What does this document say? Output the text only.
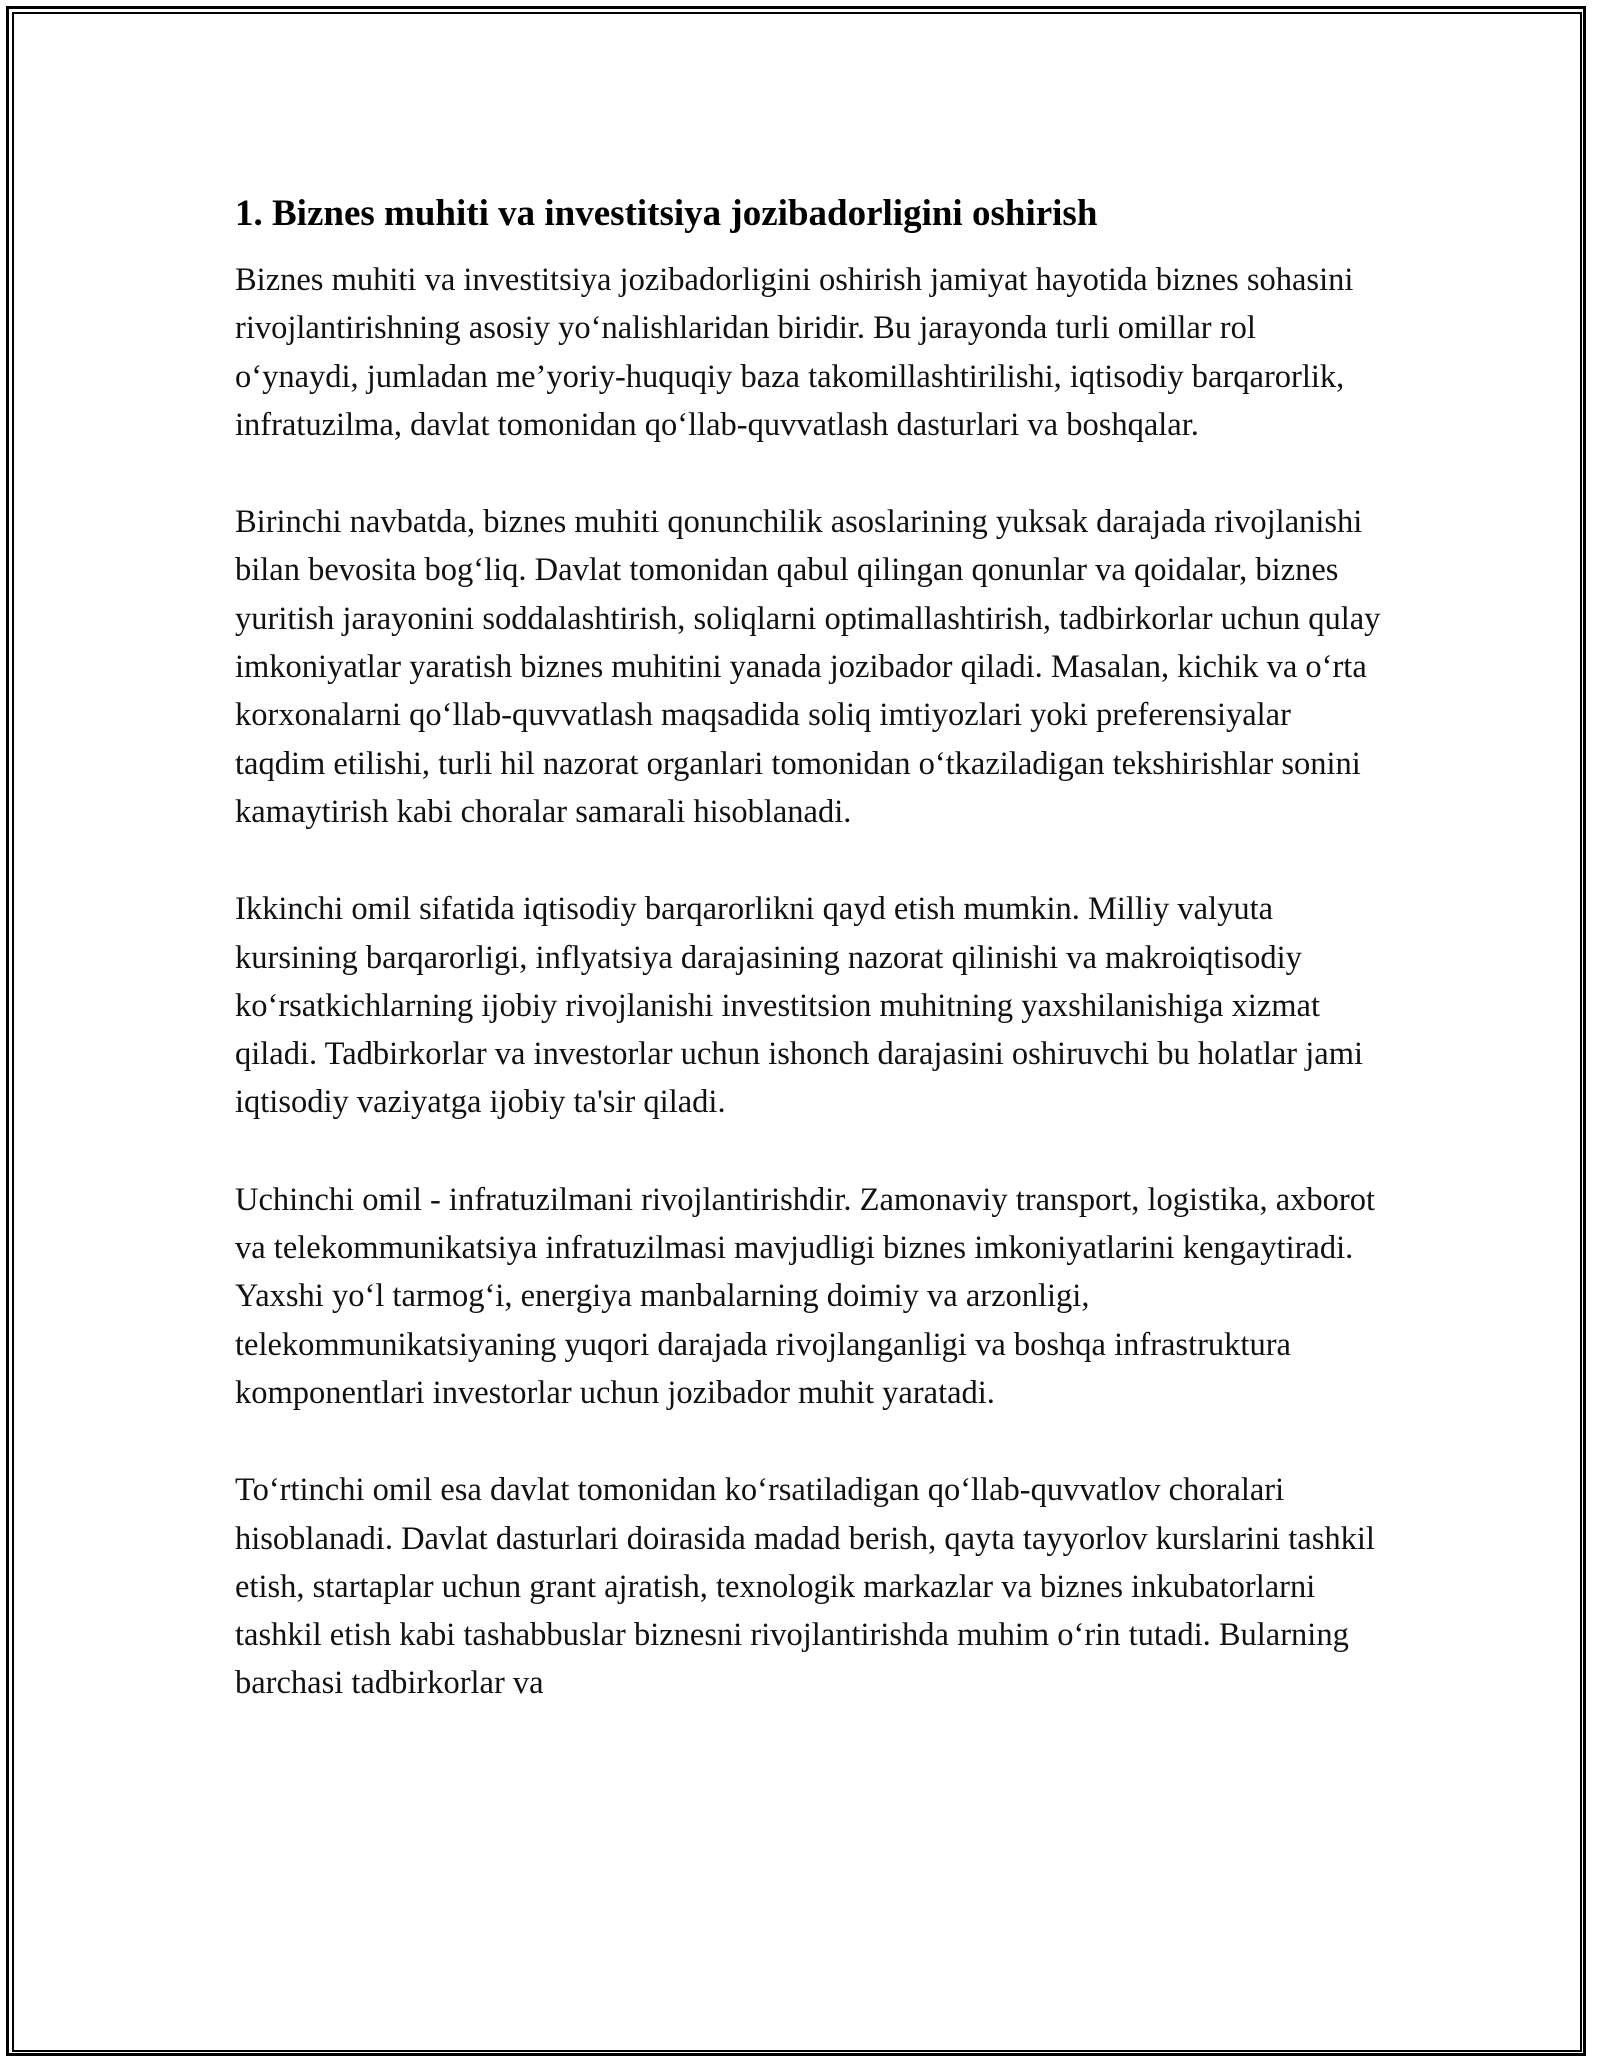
1. Biznes muhiti va investitsiya jozibadorligini oshirish

Biznes muhiti va investitsiya jozibadorligini oshirish jamiyat hayotida biznes sohasini rivojlantirishning asosiy yo‘nalishlaridan biridir. Bu jarayonda turli omillar rol o‘ynaydi, jumladan me’yoriy-huquqiy baza takomillashtirilishi, iqtisodiy barqarorlik, infratuzilma, davlat tomonidan qo‘llab-quvvatlash dasturlari va boshqalar.

Birinchi navbatda, biznes muhiti qonunchilik asoslarining yuksak darajada rivojlanishi bilan bevosita bog‘liq. Davlat tomonidan qabul qilingan qonunlar va qoidalar, biznes yuritish jarayonini soddalashtirish, soliqlarni optimallashtirish, tadbirkorlar uchun qulay imkoniyatlar yaratish biznes muhitini yanada jozibador qiladi. Masalan, kichik va o‘rta korxonalarni qo‘llab-quvvatlash maqsadida soliq imtiyozlari yoki preferensiyalar taqdim etilishi, turli hil nazorat organlari tomonidan o‘tkaziladigan tekshirishlar sonini kamaytirish kabi choralar samarali hisoblanadi.

Ikkinchi omil sifatida iqtisodiy barqarorlikni qayd etish mumkin. Milliy valyuta kursining barqarorligi, inflyatsiya darajasining nazorat qilinishi va makroiqtisodiy ko‘rsatkichlarning ijobiy rivojlanishi investitsion muhitning yaxshilanishiga xizmat qiladi. Tadbirkorlar va investorlar uchun ishonch darajasini oshiruvchi bu holatlar jami iqtisodiy vaziyatga ijobiy ta'sir qiladi.

Uchinchi omil - infratuzilmani rivojlantirishdir. Zamonaviy transport, logistika, axborot va telekommunikatsiya infratuzilmasi mavjudligi biznes imkoniyatlarini kengaytiradi. Yaxshi yo‘l tarmog‘i, energiya manbalarning doimiy va arzonligi, telekommunikatsiyaning yuqori darajada rivojlanganligi va boshqa infrastruktura komponentlari investorlar uchun jozibador muhit yaratadi.

To‘rtinchi omil esa davlat tomonidan ko‘rsatiladigan qo‘llab-quvvatlov choralari hisoblanadi. Davlat dasturlari doirasida madad berish, qayta tayyorlov kurslarini tashkil etish, startaplar uchun grant ajratish, texnologik markazlar va biznes inkubatorlarni tashkil etish kabi tashabbuslar biznesni rivojlantirishda muhim o‘rin tutadi. Bularning barchasi tadbirkorlar va
